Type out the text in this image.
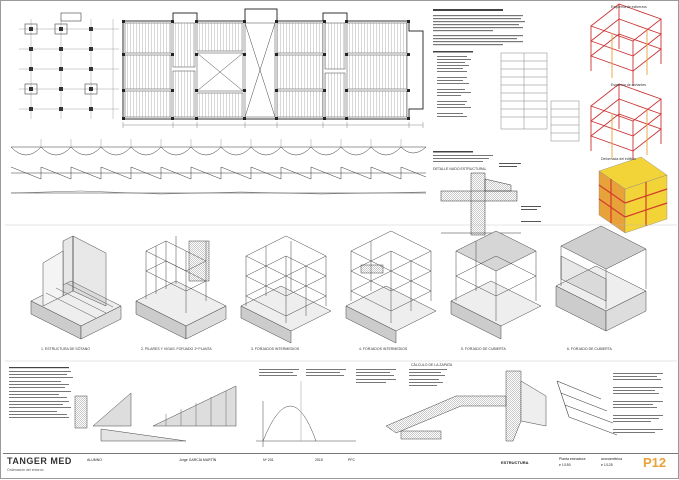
1. ESTRUCTURA DE SÓTANO	2. PILARES Y VIGAS. FORJADO 1ª PLANTA	3. FORJADOS INTERMEDIOS	4. FORJADOS INTERMEDIOS	5. FORJADO DE CUBIERTA	6. FORJADO DE CUBIERTA
Esquema de esfuerzos
Esquema de cortantes
Deformada del edificio
DETALLE NUDO ESTRUCTURAL
CÁLCULO DE LA ZAPATA
TANGER MED
Ordenación del entorno
ALUMNO	Jorge GARCÍA MARTÍN	Nº 201	2015	PFC	ESTRUCTURA
Planta estructura
e 1/150
axonométrica
e 1/125 P12
